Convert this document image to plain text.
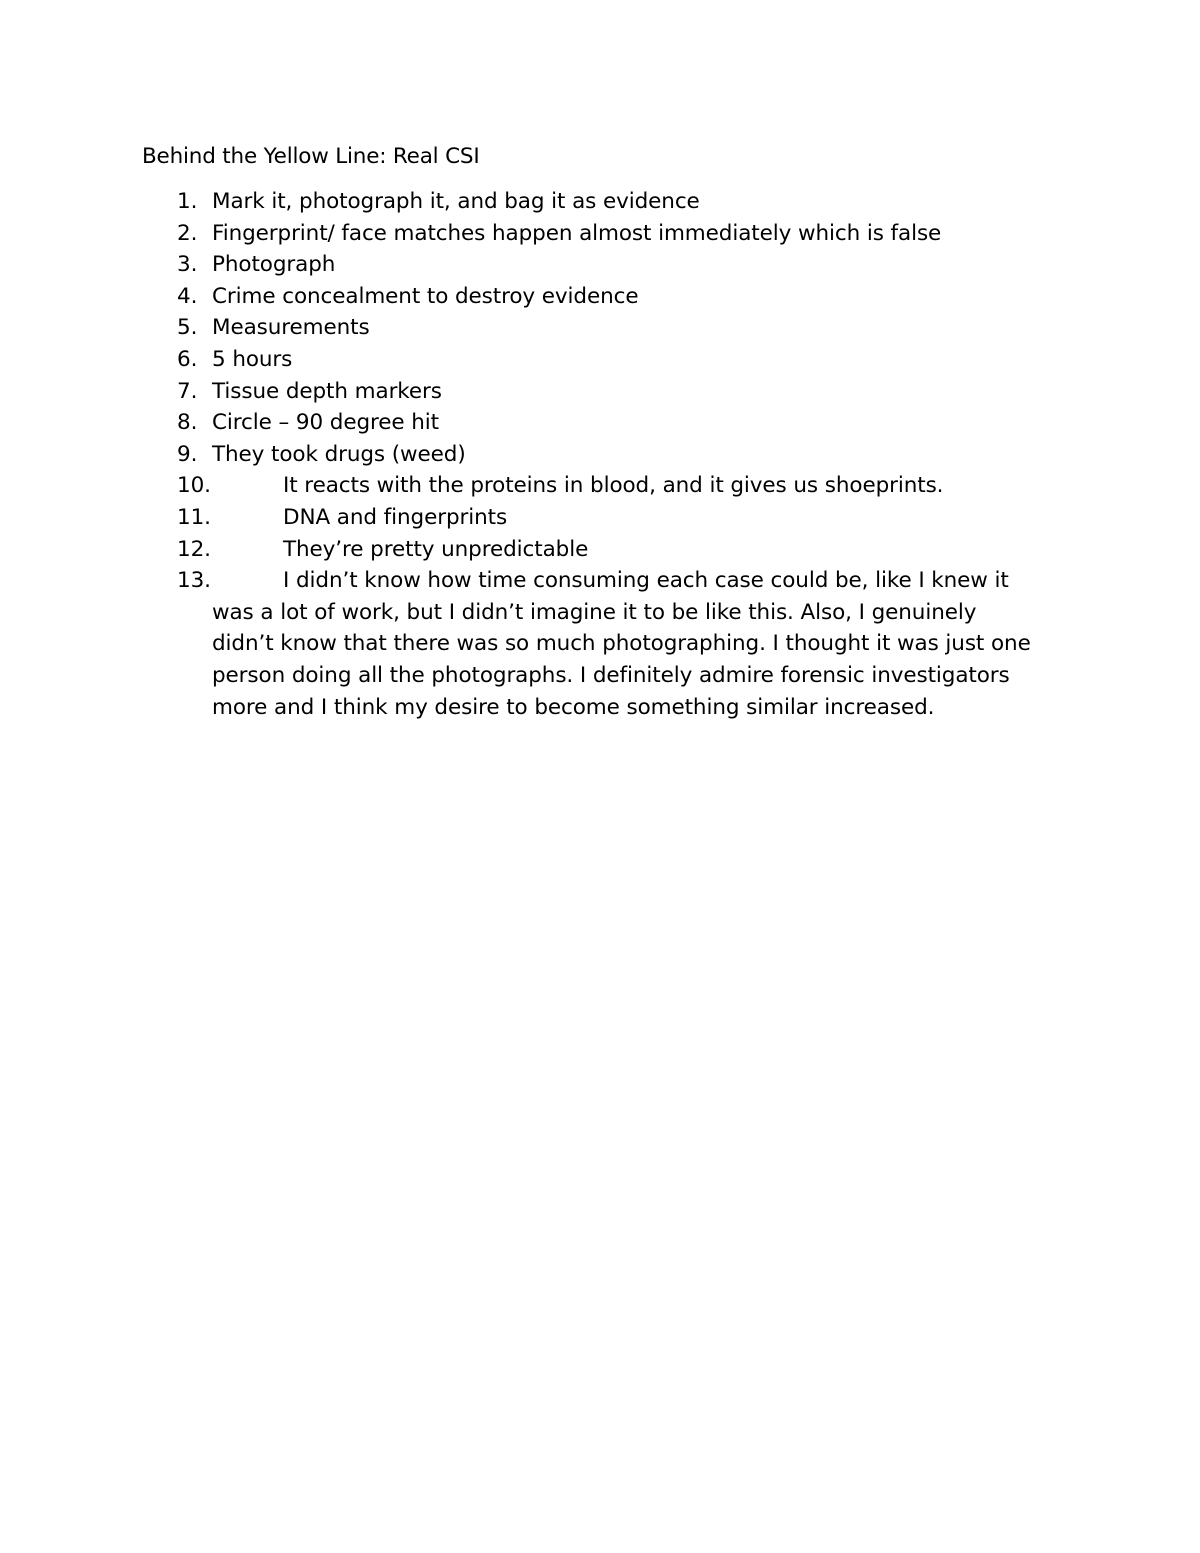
Behind the Yellow Line: Real CSI
1. Mark it, photograph it, and bag it as evidence
2. Fingerprint/ face matches happen almost immediately which is false
3. Photograph
4. Crime concealment to destroy evidence
5. Measurements
6. 5 hours
7. Tissue depth markers
8. Circle – 90 degree hit
9. They took drugs (weed)
10.	It reacts with the proteins in blood, and it gives us shoeprints.
11.	DNA and fingerprints
12.	They’re pretty unpredictable
13.	I didn’t know how time consuming each case could be, like I knew it was a lot of work, but I didn’t imagine it to be like this. Also, I genuinely didn’t know that there was so much photographing. I thought it was just one person doing all the photographs. I definitely admire forensic investigators more and I think my desire to become something similar increased.
